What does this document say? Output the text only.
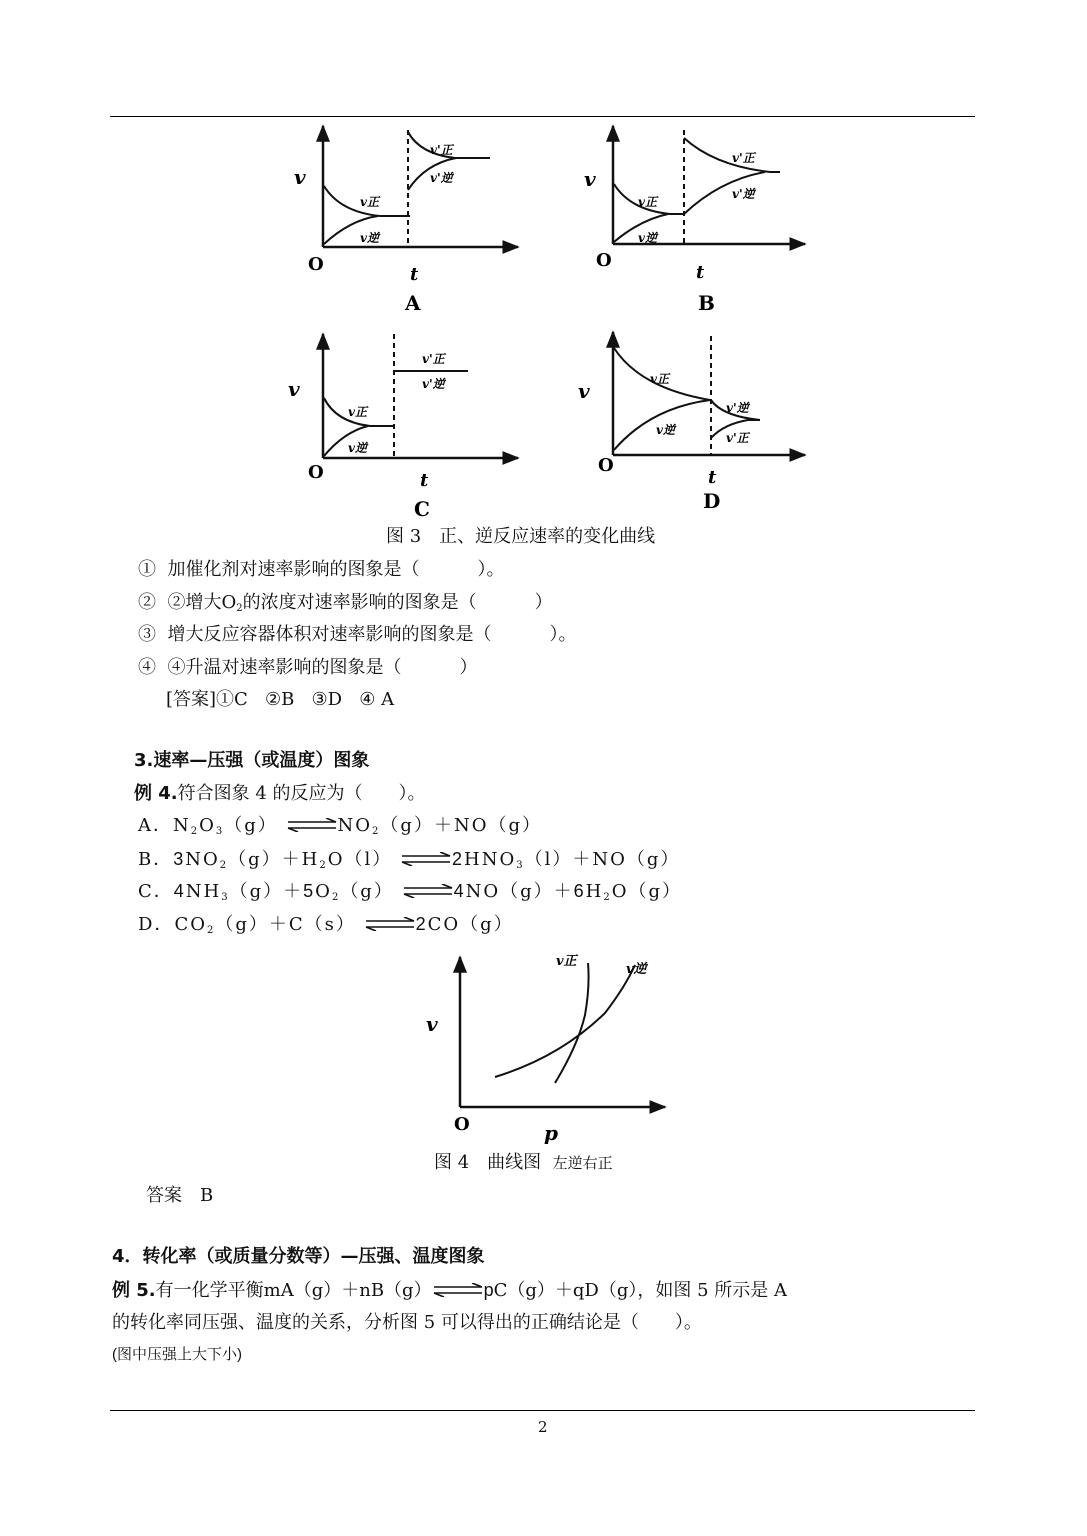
v
O	t
A
v正
v逆
v'正
v'逆	v
O
t
B
v正
v逆
v'正
v'逆
v
O	t
C
v正
v逆
v'正
v'逆	v
O
t
D
v正
v逆
v'逆
v'正
图 3　正、逆反应速率的变化曲线
① 加催化剂对速率影响的图象是（	）。
② ②增大$O_2$的浓度对速率影响的图象是（	）
③ 增大反应容器体积对速率影响的图象是（	）。
④ ④升温对速率影响的图象是（	）
[答案]①C ②B ③D ④ A
3.速率—压强（或温度）图象
例 4.符合图象 4 的反应为（　　）。
A．$N_2O_3(g)$ $\rightleftharpoons NO_2(g)+NO(g)$
B．$3NO_2(g)+H_2O(l)$ $\rightleftharpoons 2HNO_3(l)+NO(g)$
C．$4NH_3(g)+5O_2(g)$ $\rightleftharpoons 4NO(g)+6H_2O(g)$
D．$CO_2(g)+C(s)$ ⇌2CO（g）
v
O	p
v正
v逆
图 4　曲线图 左逆右正
答案　B
4．转化率（或质量分数等）—压强、温度图象
例 5.有一化学平衡mA（g）＋nB（g）⇌pC（g）＋qD（g），如图 5 所示是 A
的转化率同压强、温度的关系，分析图 5 可以得出的正确结论是（　　）。
(图中压强上大下小)
2
